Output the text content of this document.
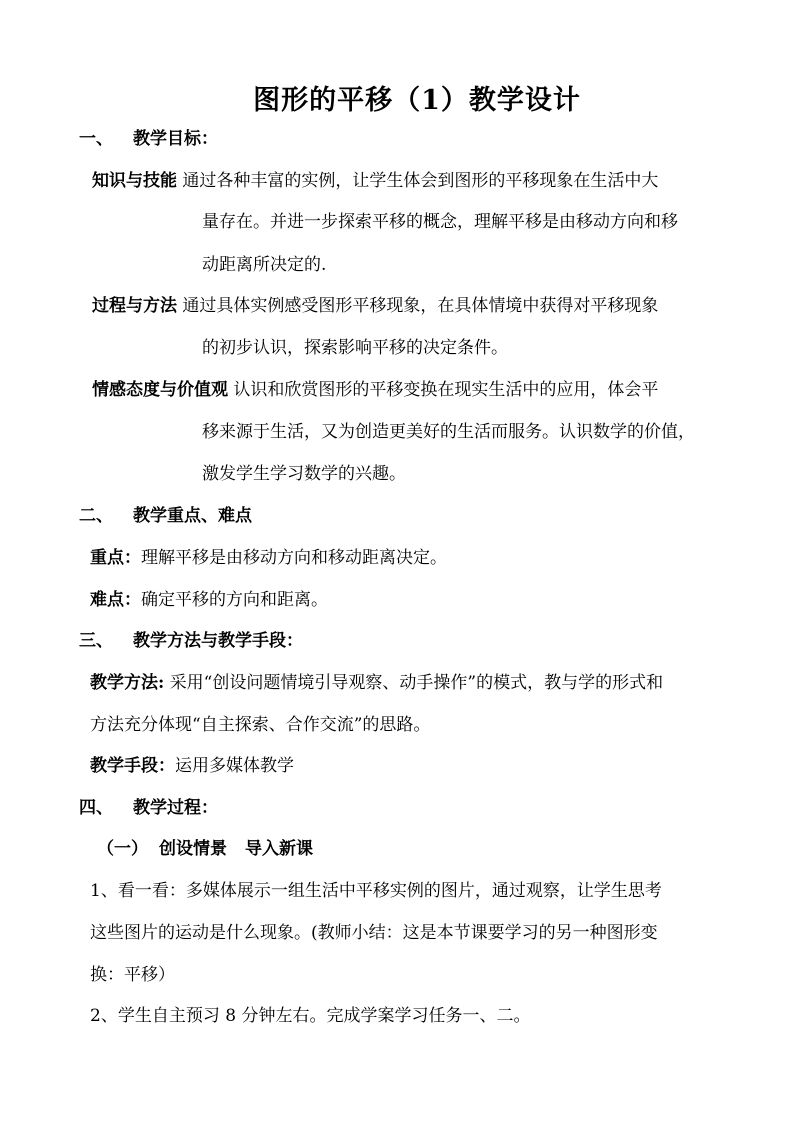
图形的平移（1）教学设计
一、 教学目标：
知识与技能 通过各种丰富的实例，让学生体会到图形的平移现象在生活中大
量存在。并进一步探索平移的概念，理解平移是由移动方向和移
动距离所决定的.
过程与方法 通过具体实例感受图形平移现象，在具体情境中获得对平移现象
的初步认识，探索影响平移的决定条件。
情感态度与价值观 认识和欣赏图形的平移变换在现实生活中的应用，体会平
移来源于生活，又为创造更美好的生活而服务。认识数学的价值，
激发学生学习数学的兴趣。
二、 教学重点、难点
重点：理解平移是由移动方向和移动距离决定。
难点：确定平移的方向和距离。
三、 教学方法与教学手段：
教学方法: 采用“创设问题情境引导观察、动手操作”的模式，教与学的形式和
方法充分体现“自主探索、合作交流”的思路。
教学手段：运用多媒体教学
四、 教学过程：
（一） 创设情景 导入新课
1、看一看：多媒体展示一组生活中平移实例的图片，通过观察，让学生思考
这些图片的运动是什么现象。(教师小结：这是本节课要学习的另一种图形变
换：平移）
2、学生自主预习 8 分钟左右。完成学案学习任务一、二。
